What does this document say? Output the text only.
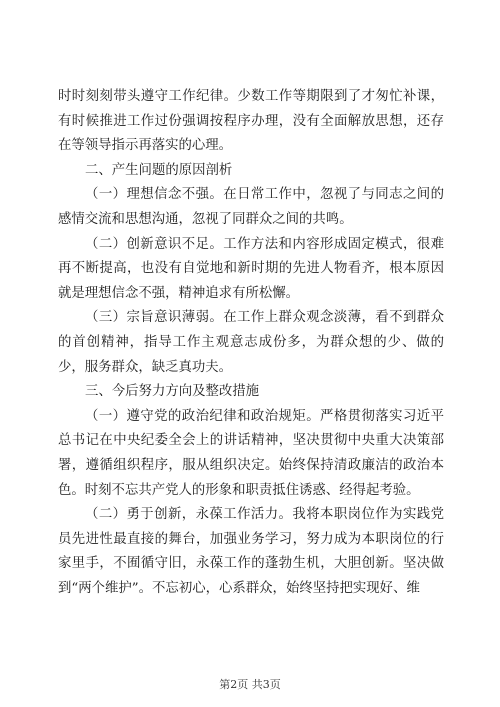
时时刻刻带头遵守工作纪律。少数工作等期限到了才匆忙补课，有时候推进工作过份强调按程序办理，没有全面解放思想，还存在等领导指示再落实的心理。

二、产生问题的原因剖析

（一）理想信念不强。在日常工作中，忽视了与同志之间的感情交流和思想沟通，忽视了同群众之间的共鸣。

（二）创新意识不足。工作方法和内容形成固定模式，很难再不断提高，也没有自觉地和新时期的先进人物看齐，根本原因就是理想信念不强，精神追求有所松懈。

（三）宗旨意识薄弱。在工作上群众观念淡薄，看不到群众的首创精神，指导工作主观意志成份多，为群众想的少、做的少，服务群众，缺乏真功夫。

三、今后努力方向及整改措施

（一）遵守党的政治纪律和政治规矩。严格贯彻落实习近平总书记在中央纪委全会上的讲话精神，坚决贯彻中央重大决策部署，遵循组织程序，服从组织决定。始终保持清政廉洁的政治本色。时刻不忘共产党人的形象和职责抵住诱惑、经得起考验。

（二）勇于创新，永葆工作活力。我将本职岗位作为实践党员先进性最直接的舞台，加强业务学习，努力成为本职岗位的行家里手，不囿循守旧，永葆工作的蓬勃生机，大胆创新。坚决做到“两个维护”。不忘初心，心系群众，始终坚持把实现好、维

第2页 共3页
